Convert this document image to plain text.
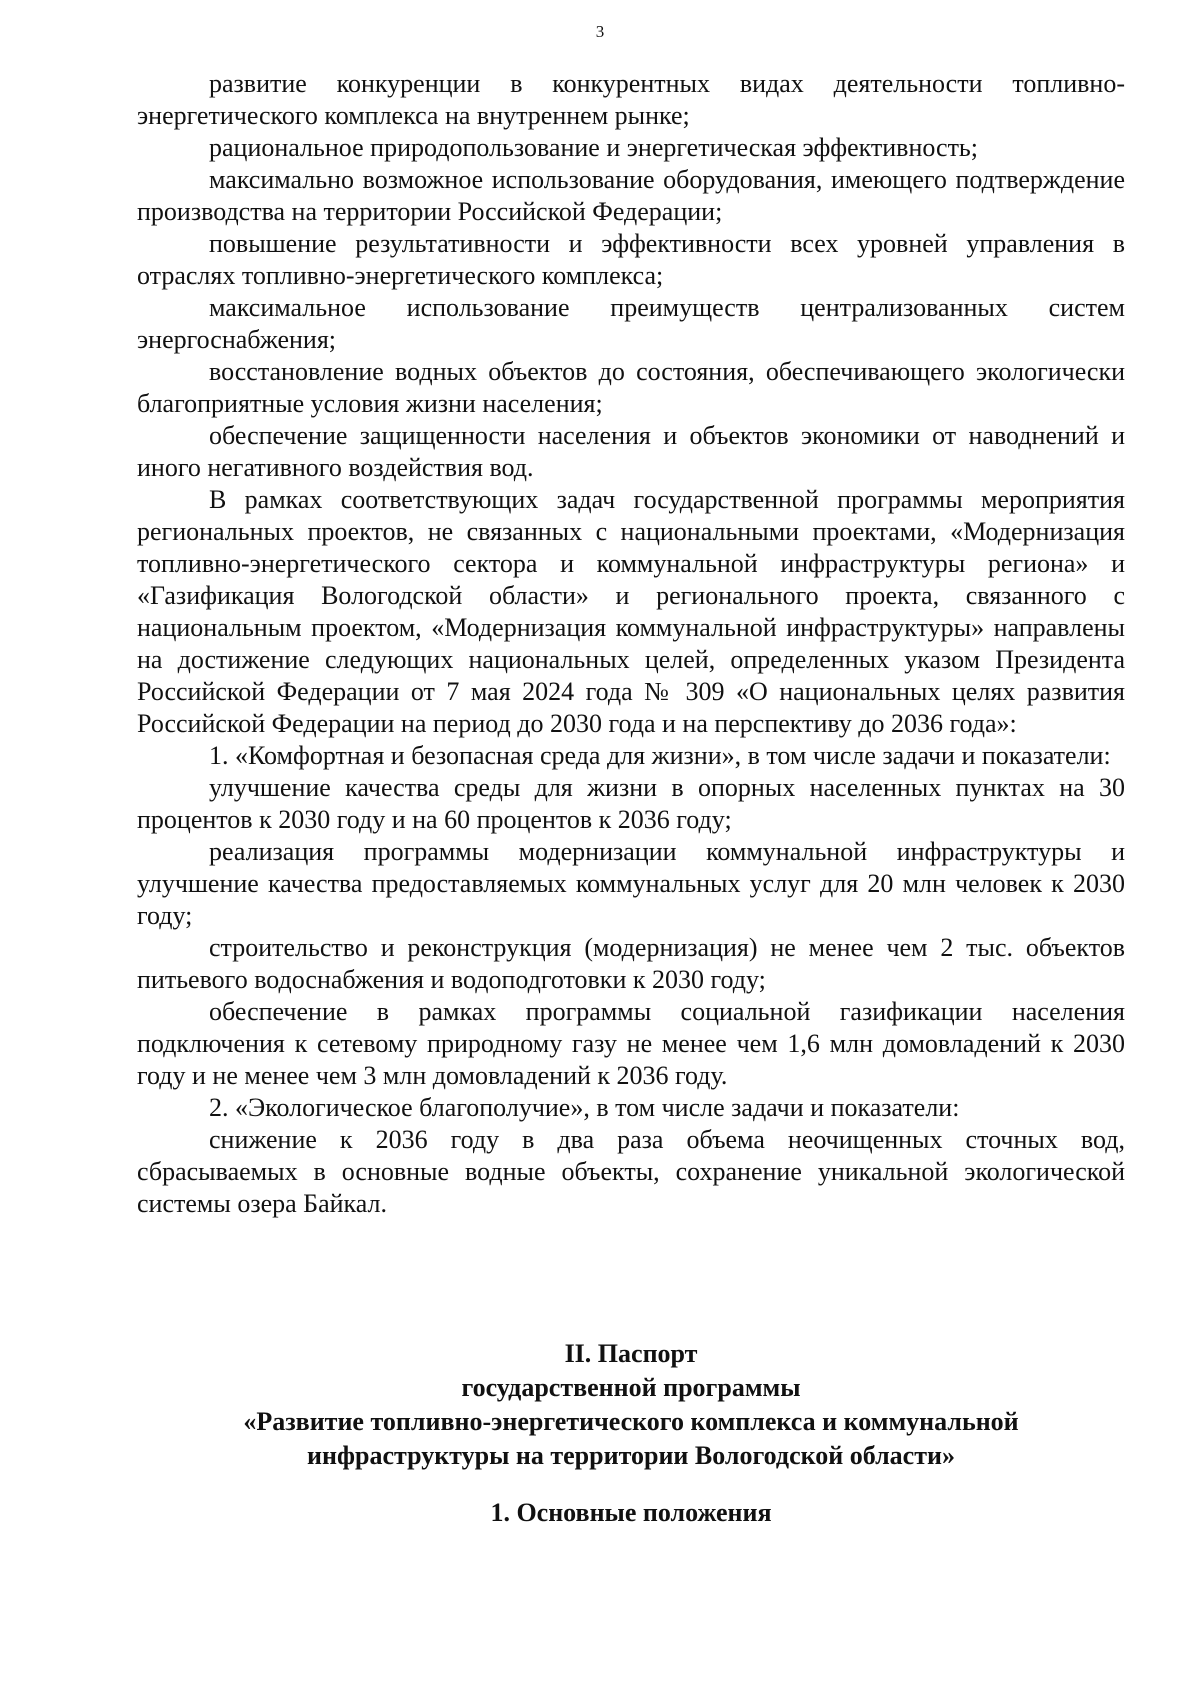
3

развитие конкуренции в конкурентных видах деятельности топливно-энергетического комплекса на внутреннем рынке;

рациональное природопользование и энергетическая эффективность;

максимально возможное использование оборудования, имеющего подтверждение производства на территории Российской Федерации;

повышение результативности и эффективности всех уровней управления в отраслях топливно-энергетического комплекса;

максимальное использование преимуществ централизованных систем энергоснабжения;

восстановление водных объектов до состояния, обеспечивающего экологически благоприятные условия жизни населения;

обеспечение защищенности населения и объектов экономики от наводнений и иного негативного воздействия вод.

В рамках соответствующих задач государственной программы мероприятия региональных проектов, не связанных с национальными проектами, «Модернизация топливно-энергетического сектора и коммунальной инфраструктуры региона» и «Газификация Вологодской области» и регионального проекта, связанного с национальным проектом, «Модернизация коммунальной инфраструктуры» направлены на достижение следующих национальных целей, определенных указом Президента Российской Федерации от 7 мая 2024 года № 309 «О национальных целях развития Российской Федерации на период до 2030 года и на перспективу до 2036 года»:

1. «Комфортная и безопасная среда для жизни», в том числе задачи и показатели:

улучшение качества среды для жизни в опорных населенных пунктах на 30 процентов к 2030 году и на 60 процентов к 2036 году;

реализация программы модернизации коммунальной инфраструктуры и улучшение качества предоставляемых коммунальных услуг для 20 млн человек к 2030 году;

строительство и реконструкция (модернизация) не менее чем 2 тыс. объектов питьевого водоснабжения и водоподготовки к 2030 году;

обеспечение в рамках программы социальной газификации населения подключения к сетевому природному газу не менее чем 1,6 млн домовладений к 2030 году и не менее чем 3 млн домовладений к 2036 году.

2. «Экологическое благополучие», в том числе задачи и показатели:

снижение к 2036 году в два раза объема неочищенных сточных вод, сбрасываемых в основные водные объекты, сохранение уникальной экологической системы озера Байкал.

II. Паспорт
государственной программы
«Развитие топливно-энергетического комплекса и коммунальной
инфраструктуры на территории Вологодской области»
1. Основные положения
